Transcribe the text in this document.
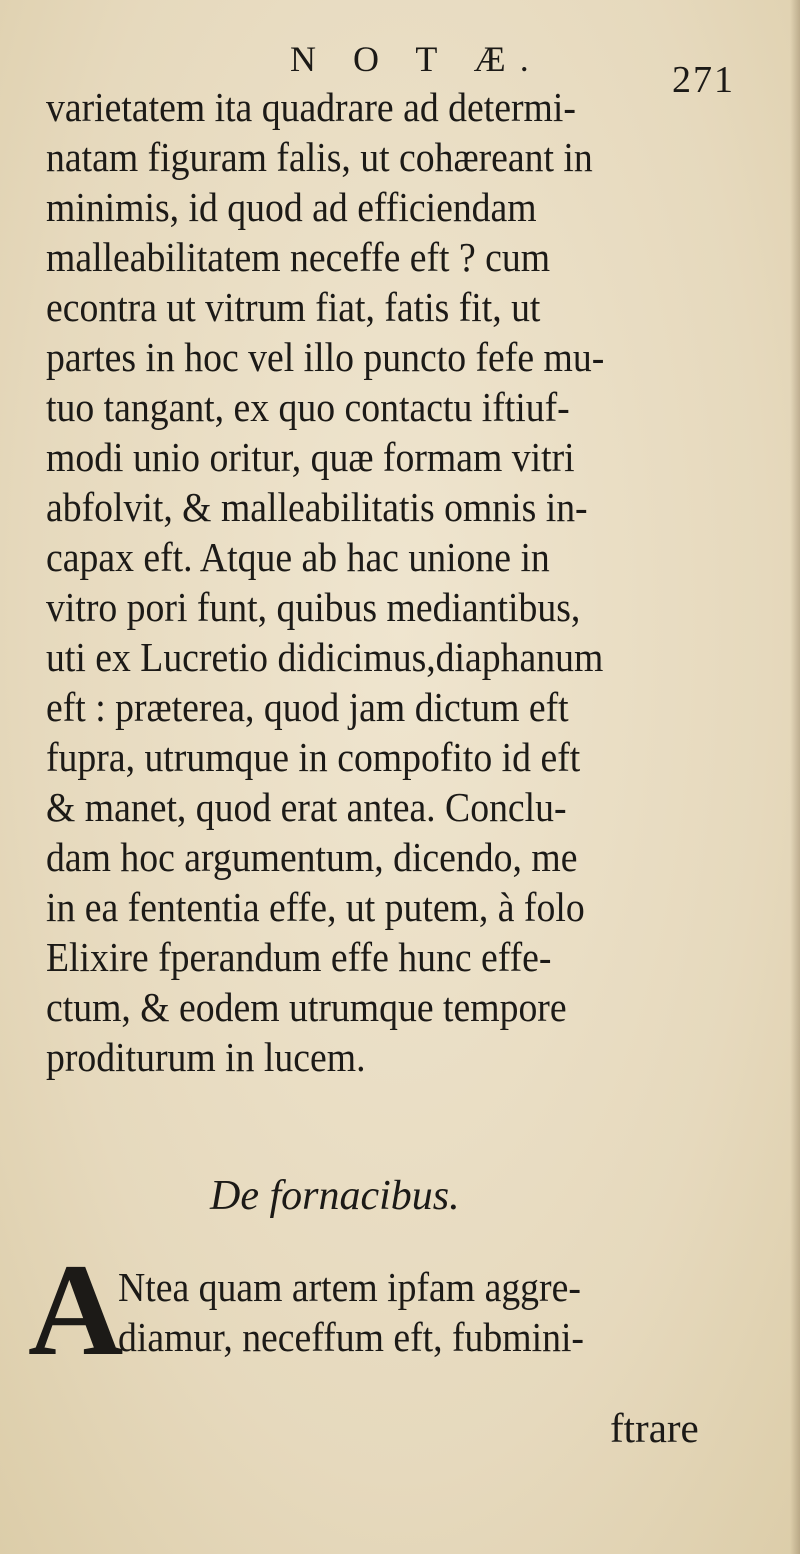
N O T Æ.	271
varietatem ita quadrare ad determi-
natam figuram falis, ut cohæreant in
minimis, id quod ad efficiendam
malleabilitatem neceffe eft ? cum
econtra ut vitrum fiat, fatis fit, ut
partes in hoc vel illo puncto fefe mu-
tuo tangant, ex quo contactu iftiuf-
modi unio oritur, quæ formam vitri
abfolvit, & malleabilitatis omnis in-
capax eft. Atque ab hac unione in
vitro pori funt, quibus mediantibus,
uti ex Lucretio didicimus,diaphanum
eft : præterea, quod jam dictum eft
fupra, utrumque in compofito id eft
& manet, quod erat antea. Conclu-
dam hoc argumentum, dicendo, me
in ea fententia effe, ut putem, à folo
Elixire fperandum effe hunc effe-
ctum, & eodem utrumque tempore
proditurum in lucem.
De fornacibus.
A
Ntea quam artem ipfam aggre-
diamur, neceffum eft, fubmini-
ftrare
